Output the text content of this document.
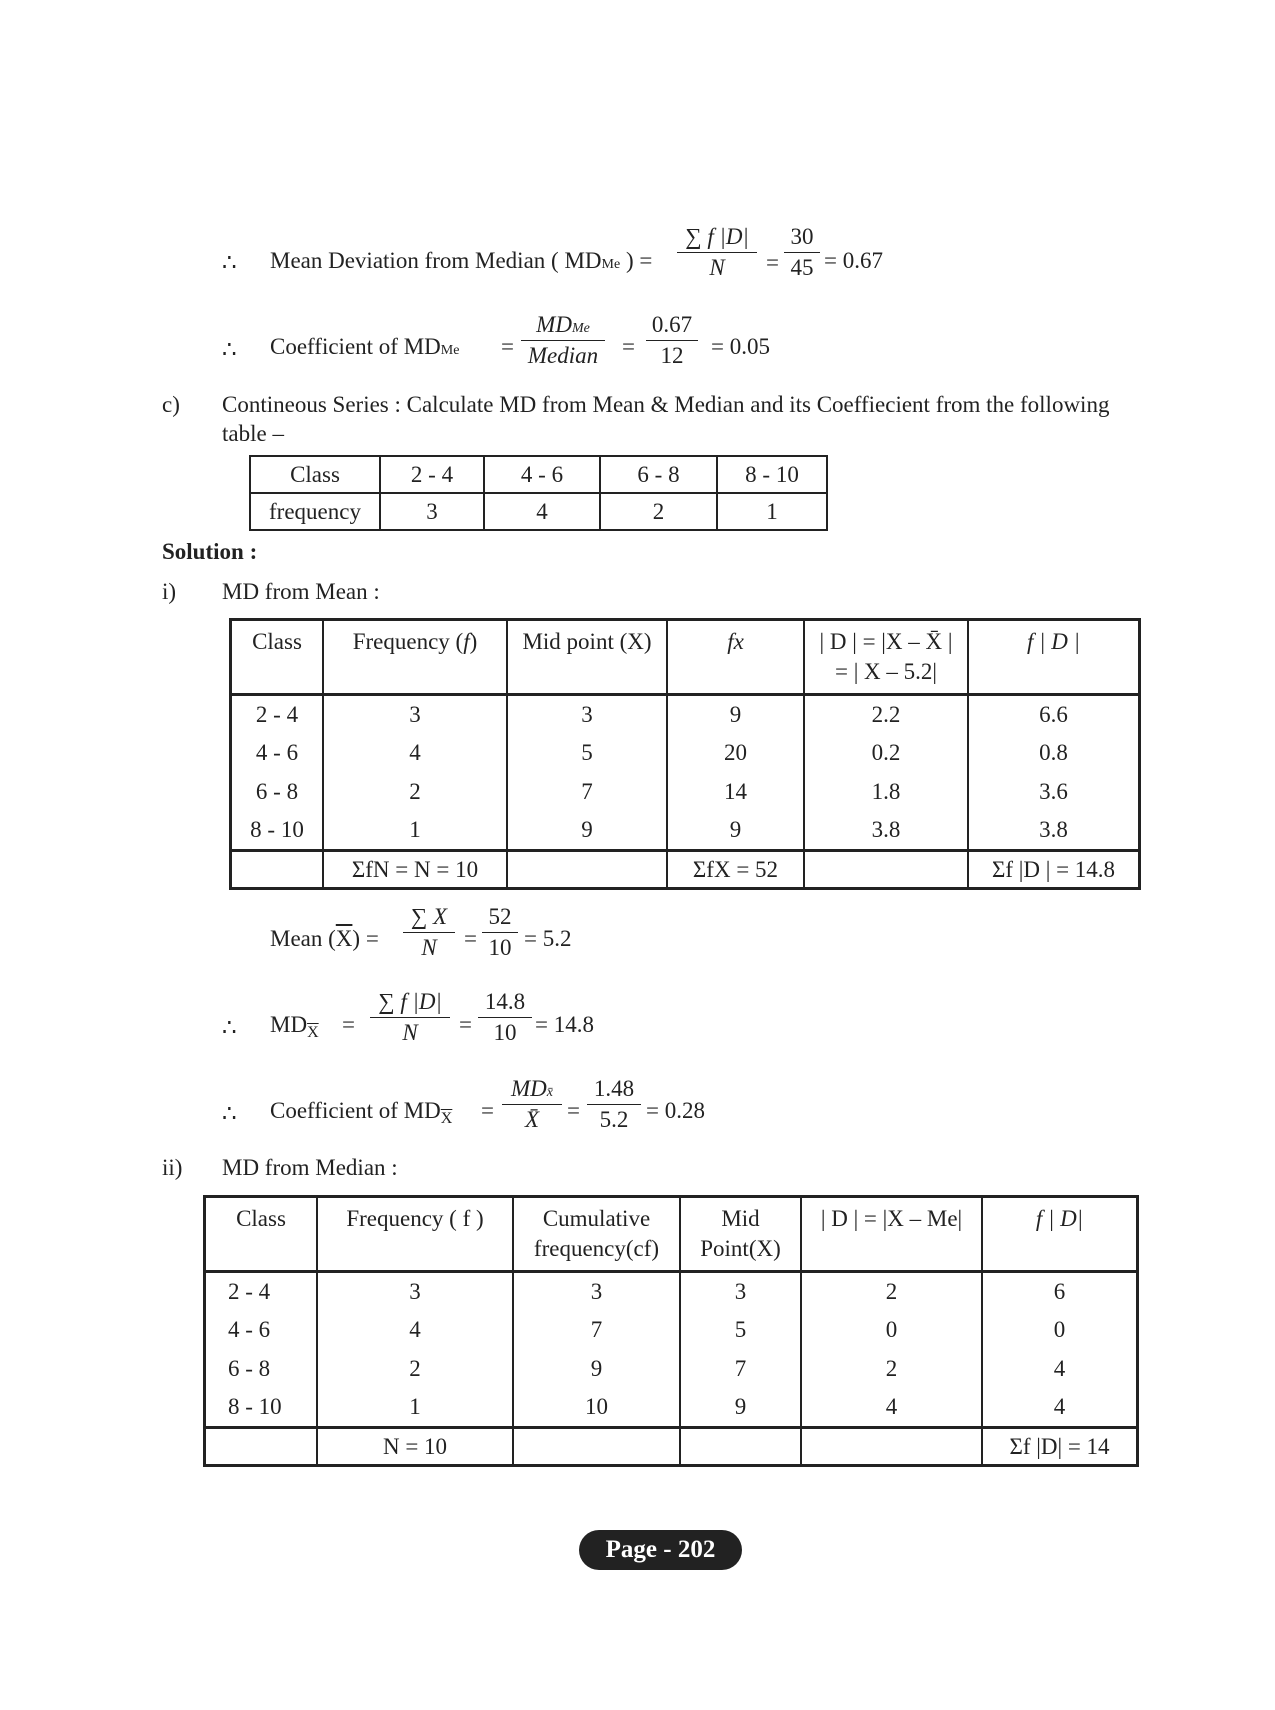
∴ Mean Deviation from Median ( MDMe ) = $\frac{\sum f |D|}{N} = \frac{30}{45} = 0.67$
∴ Coefficient of MDMe =
MDMe
Median = $\frac{0.67}{12} = 0.05$
c) Contineous Series : Calculate MD from Mean & Median and its Coeffiecient from the following
table –
Class	2 - 4	4 - 6	6 - 8	8 - 10
frequency	3	4	2	1
Solution :
i) MD from Mean :
Class	Frequency (f)	Mid point (X)	fx	| D | = |X – X̄ |
= | X – 5.2|	f | D |
2 - 4	3	3	9	2.2	6.6
4 - 6	4	5	20	0.2	0.8
6 - 8	2	7	14	1.8	3.6
8 - 10	1	9	9	3.8	3.8
	ΣfN = N = 10		ΣfX = 52		Σf |D | = 14.8
Mean $(\overline{X}) = \frac{\sum X}{N} = \frac{52}{10} = 5.2$
∴ $MD_{\overline{X}} = \frac{\sum f |D|}{N} = \frac{14.8}{10} = 14.8$
∴ Coefficient of $MD_{\overline{X}}$ =
MDx̄
X̄	= $\frac{1.48}{5.2} = 0.28$
ii) MD from Median :
Class	Frequency ( f )	Cumulative
frequency(cf)	Mid
Point(X)	| D | = |X – Me|	f | D|
2 - 4	3	3	3	2	6
4 - 6	4	7	5	0	0
6 - 8	2	9	7	2	4
8 - 10	1	10	9	4	4
	N = 10				Σf |D| = 14
Page - 202
